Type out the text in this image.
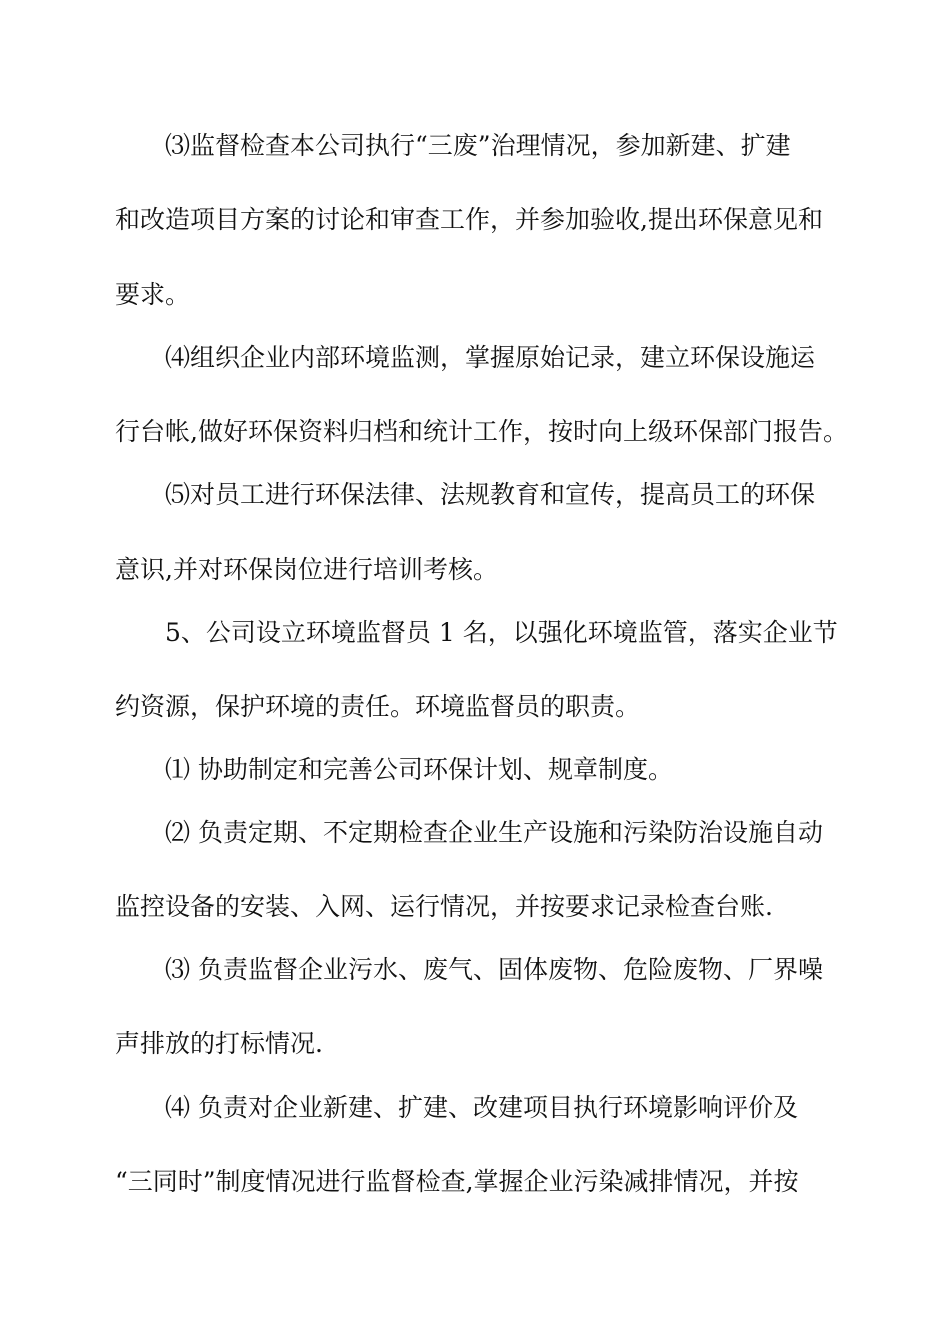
⑶监督检查本公司执行“三废”治理情况，参加新建、扩建

和改造项目方案的讨论和审查工作，并参加验收,提出环保意见和

要求。

⑷组织企业内部环境监测，掌握原始记录，建立环保设施运

行台帐,做好环保资料归档和统计工作，按时向上级环保部门报告。

⑸对员工进行环保法律、法规教育和宣传，提高员工的环保

意识,并对环保岗位进行培训考核。

5、公司设立环境监督员 1 名，以强化环境监管，落实企业节

约资源，保护环境的责任。环境监督员的职责。

⑴ 协助制定和完善公司环保计划、规章制度。

⑵ 负责定期、不定期检查企业生产设施和污染防治设施自动

监控设备的安装、入网、运行情况，并按要求记录检查台账.

⑶ 负责监督企业污水、废气、固体废物、危险废物、厂界噪

声排放的打标情况.

⑷ 负责对企业新建、扩建、改建项目执行环境影响评价及

“三同时”制度情况进行监督检查,掌握企业污染减排情况，并按
